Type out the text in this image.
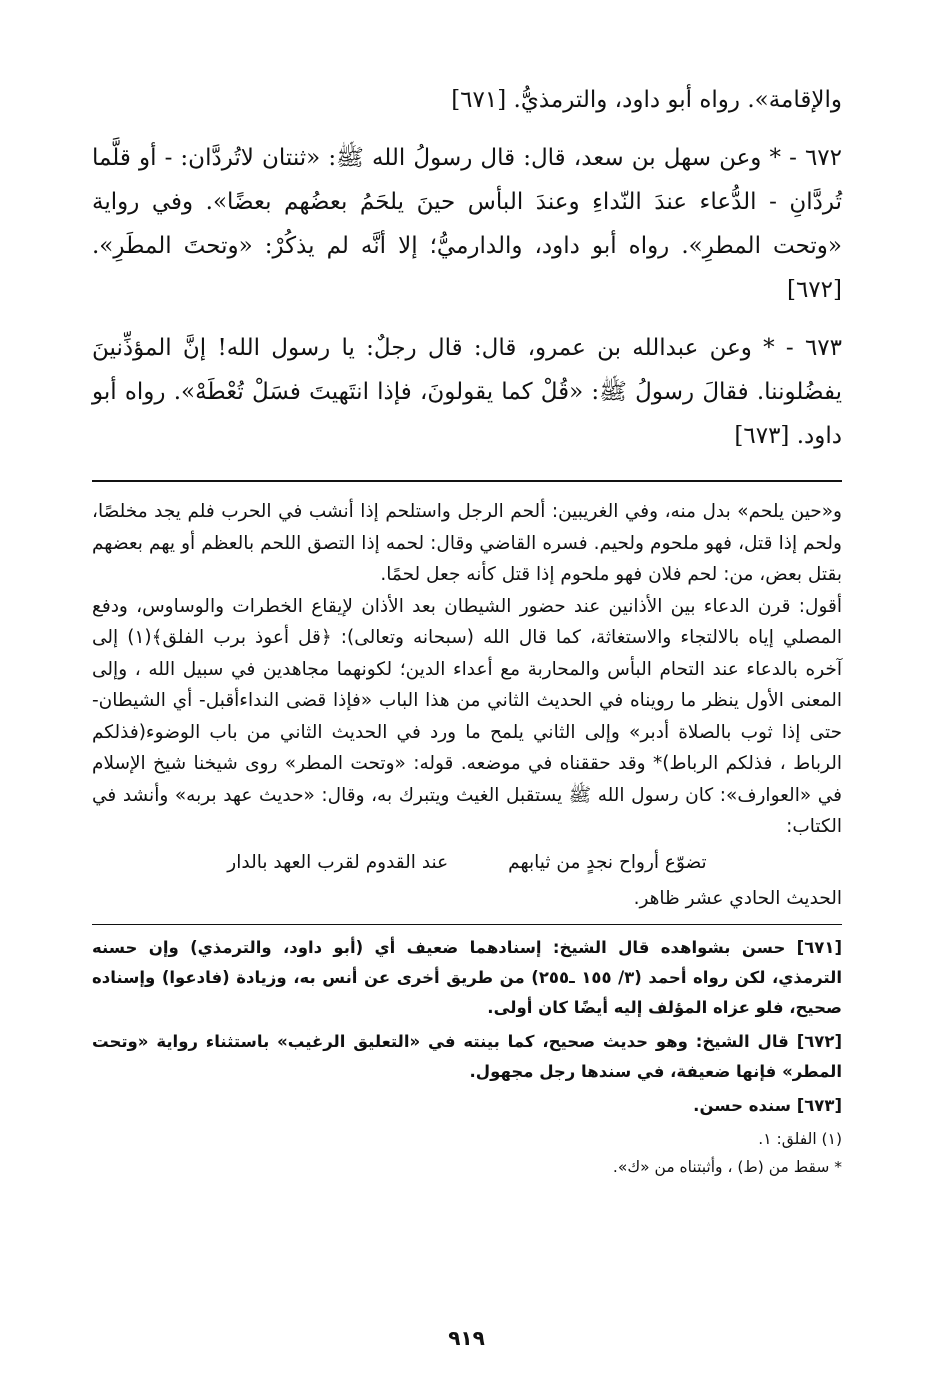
والإقامة». رواه أبو داود، والترمذيُّ. [٦٧١]

٦٧٢ - * وعن سهل بن سعد، قال: قال رسولُ الله ﷺ: «ثنتان لاتُردَّان: - أو قلَّما تُردَّانِ - الدُّعاء عندَ النّداءِ وعندَ البأس حينَ يلحَمُ بعضُهم بعضًا». وفي رواية «وتحت المطرِ». رواه أبو داود، والدارميُّ؛ إلا أنَّه لم يذكُرْ: «وتحتَ المطَرِ». [٦٧٢]

٦٧٣ - * وعن عبدالله بن عمرو، قال: قال رجلٌ: يا رسول الله! إنَّ المؤذِّنينَ يفضُلوننا. فقالَ رسولُ ﷺ: «قُلْ كما يقولونَ، فإذا انتَهيتَ فسَلْ تُعْطَهْ». رواه أبو داود. [٦٧٣]

و«حين يلحم» بدل منه، وفي الغريبين: ألحم الرجل واستلحم إذا أنشب في الحرب فلم يجد مخلصًا، ولحم إذا قتل، فهو ملحوم ولحيم. فسره القاضي وقال: لحمه إذا التصق اللحم بالعظم أو يهم بعضهم بقتل بعض، من: لحم فلان فهو ملحوم إذا قتل كأنه جعل لحمًا.

أقول: قرن الدعاء بين الأذانين عند حضور الشيطان بعد الأذان لإيقاع الخطرات والوساوس، ودفع المصلي إياه بالالتجاء والاستغاثة، كما قال الله (سبحانه وتعالى): ﴿قل أعوذ برب الفلق﴾(١) إلى آخره بالدعاء عند التحام البأس والمحاربة مع أعداء الدين؛ لكونهما مجاهدين في سبيل الله ، وإلى المعنى الأول ينظر ما رويناه في الحديث الثاني من هذا الباب «فإذا قضى النداءأقبل- أي الشيطان- حتى إذا ثوب بالصلاة أدبر» وإلى الثاني يلمح ما ورد في الحديث الثاني من باب الوضوء(فذلكم الرباط ، فذلكم الرباط)* وقد حققناه في موضعه. قوله: «وتحت المطر» روى شيخنا شيخ الإسلام في «العوارف»: كان رسول الله ﷺ يستقبل الغيث ويتبرك به، وقال: «حديث عهد بربه» وأنشد في الكتاب:

تضوّع أرواح نجدٍ من ثيابهم
عند القدوم لقرب العهد بالدار

الحديث الحادي عشر ظاهر.

[٦٧١] حسن بشواهده قال الشيخ: إسنادهما ضعيف أي (أبو داود، والترمذي) وإن حسنه الترمذي، لكن رواه أحمد (٣/ ١٥٥ ـ٢٥٥) من طريق أخرى عن أنس به، وزيادة (فادعوا) وإسناده صحيح، فلو عزاه المؤلف إليه أيضًا كان أولى.

[٦٧٢] قال الشيخ: وهو حديث صحيح، كما بينته في «التعليق الرغيب» باستثناء رواية «وتحت المطر» فإنها ضعيفة، في سندها رجل مجهول.

[٦٧٣] سنده حسن.

(١) الفلق: ١.

* سقط من (ط) ، وأثبتناه من «ك».

٩١٩
